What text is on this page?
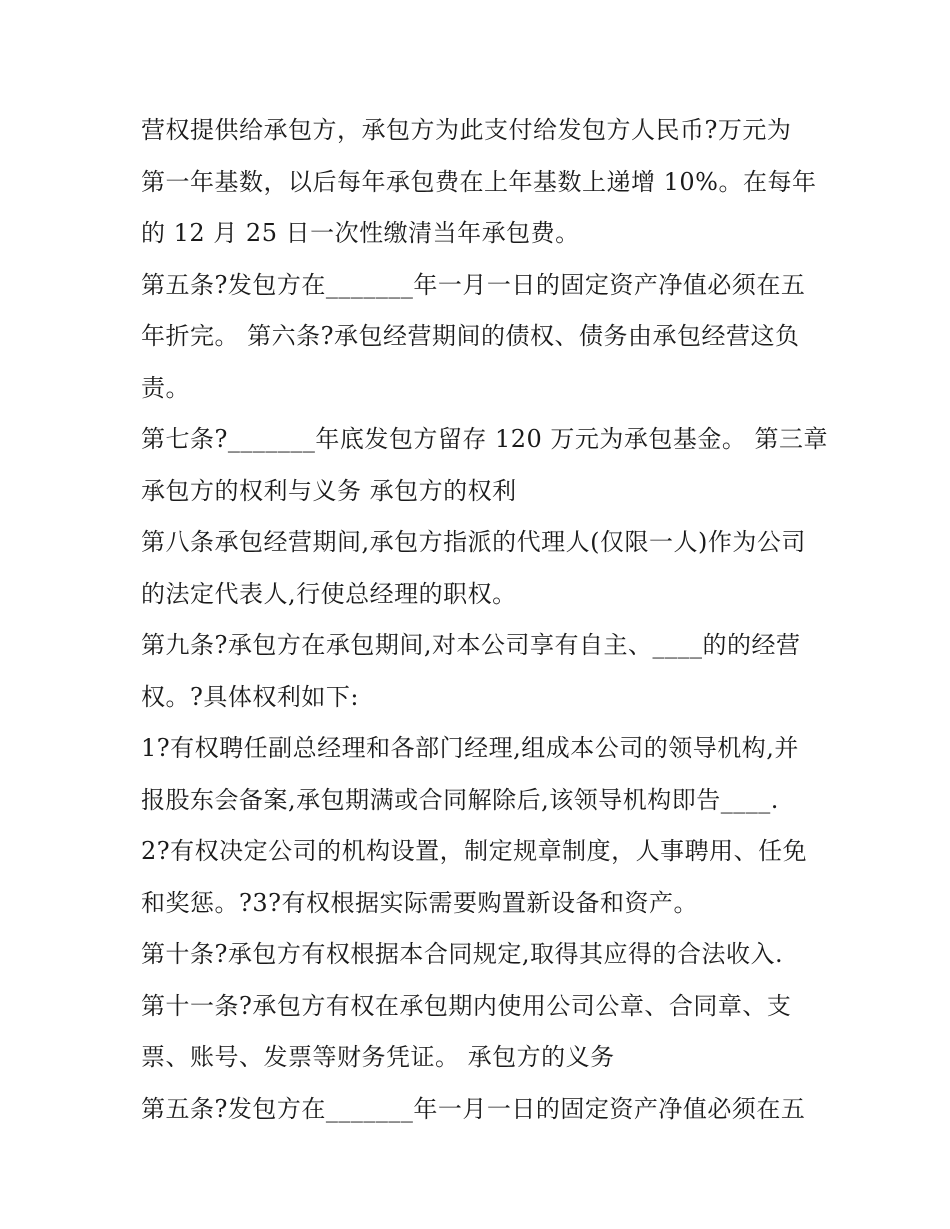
营权提供给承包方，承包方为此支付给发包方人民币?万元为
第一年基数，以后每年承包费在上年基数上递增 10%。在每年
的 12 月 25 日一次性缴清当年承包费。
第五条?发包方在_______年一月一日的固定资产净值必须在五
年折完。 第六条?承包经营期间的债权、债务由承包经营这负
责。
第七条?_______年底发包方留存 120 万元为承包基金。 第三章
承包方的权利与义务 承包方的权利
第八条承包经营期间,承包方指派的代理人(仅限一人)作为公司
的法定代表人,行使总经理的职权。
第九条?承包方在承包期间,对本公司享有自主、____的的经营
权。?具体权利如下:
1?有权聘任副总经理和各部门经理,组成本公司的领导机构,并
报股东会备案,承包期满或合同解除后,该领导机构即告____.
2?有权决定公司的机构设置，制定规章制度，人事聘用、任免
和奖惩。?3?有权根据实际需要购置新设备和资产。
第十条?承包方有权根据本合同规定,取得其应得的合法收入.
第十一条?承包方有权在承包期内使用公司公章、合同章、支
票、账号、发票等财务凭证。 承包方的义务
第五条?发包方在_______年一月一日的固定资产净值必须在五
